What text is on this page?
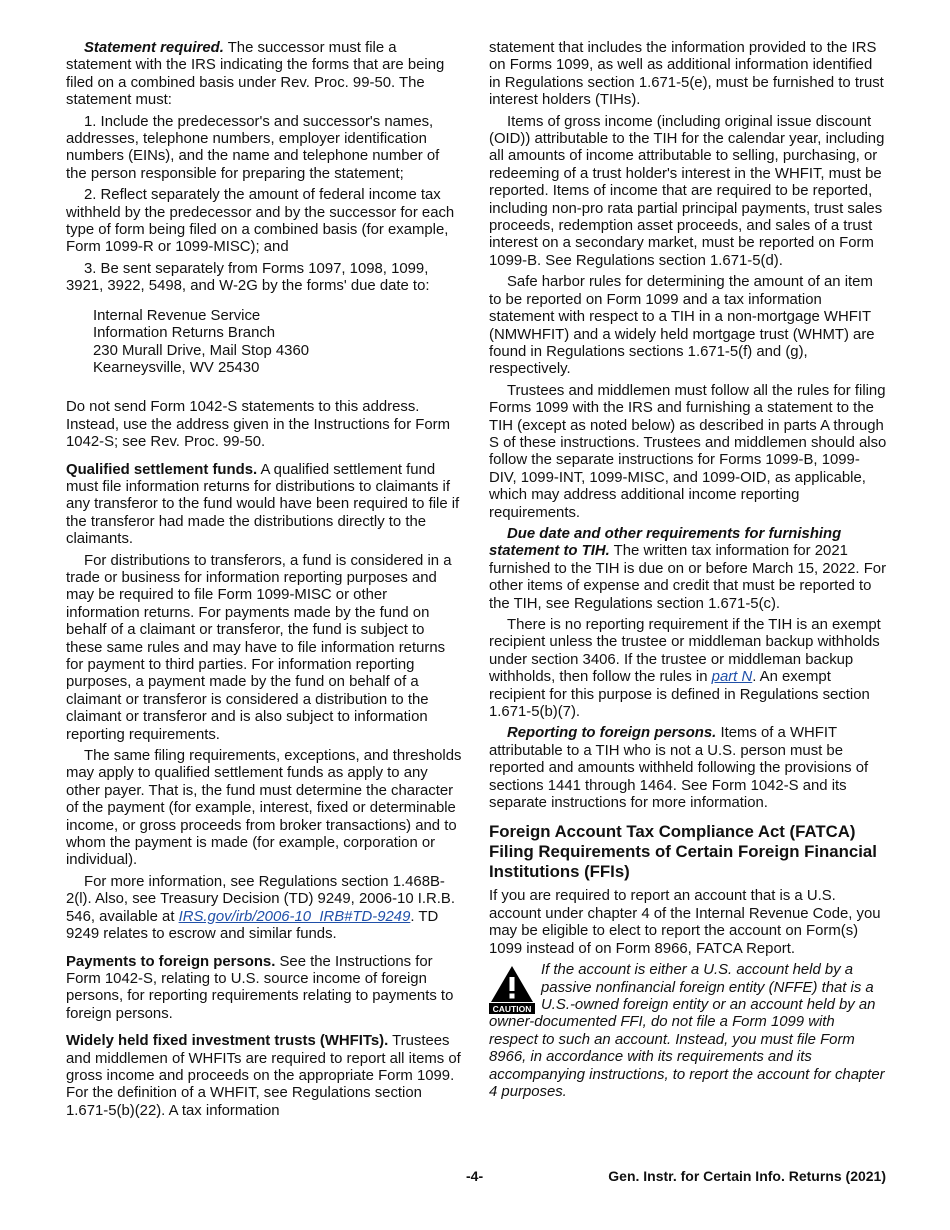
Statement required. The successor must file a statement with the IRS indicating the forms that are being filed on a combined basis under Rev. Proc. 99-50. The statement must:

1. Include the predecessor's and successor's names, addresses, telephone numbers, employer identification numbers (EINs), and the name and telephone number of the person responsible for preparing the statement;

2. Reflect separately the amount of federal income tax withheld by the predecessor and by the successor for each type of form being filed on a combined basis (for example, Form 1099-R or 1099-MISC); and

3. Be sent separately from Forms 1097, 1098, 1099, 3921, 3922, 5498, and W-2G by the forms' due date to:

Internal Revenue Service
Information Returns Branch
230 Murall Drive, Mail Stop 4360
Kearneysville, WV 25430

Do not send Form 1042-S statements to this address. Instead, use the address given in the Instructions for Form 1042-S; see Rev. Proc. 99-50.

Qualified settlement funds. A qualified settlement fund must file information returns for distributions to claimants if any transferor to the fund would have been required to file if the transferor had made the distributions directly to the claimants.

For distributions to transferors, a fund is considered in a trade or business for information reporting purposes and may be required to file Form 1099-MISC or other information returns. For payments made by the fund on behalf of a claimant or transferor, the fund is subject to these same rules and may have to file information returns for payment to third parties. For information reporting purposes, a payment made by the fund on behalf of a claimant or transferor is considered a distribution to the claimant or transferor and is also subject to information reporting requirements.

The same filing requirements, exceptions, and thresholds may apply to qualified settlement funds as apply to any other payer. That is, the fund must determine the character of the payment (for example, interest, fixed or determinable income, or gross proceeds from broker transactions) and to whom the payment is made (for example, corporation or individual).

For more information, see Regulations section 1.468B-2(l). Also, see Treasury Decision (TD) 9249, 2006-10 I.R.B. 546, available at IRS.gov/irb/2006-10_IRB#TD-9249. TD 9249 relates to escrow and similar funds.

Payments to foreign persons. See the Instructions for Form 1042-S, relating to U.S. source income of foreign persons, for reporting requirements relating to payments to foreign persons.

Widely held fixed investment trusts (WHFITs). Trustees and middlemen of WHFITs are required to report all items of gross income and proceeds on the appropriate Form 1099. For the definition of a WHFIT, see Regulations section 1.671-5(b)(22). A tax information

statement that includes the information provided to the IRS on Forms 1099, as well as additional information identified in Regulations section 1.671-5(e), must be furnished to trust interest holders (TIHs).

Items of gross income (including original issue discount (OID)) attributable to the TIH for the calendar year, including all amounts of income attributable to selling, purchasing, or redeeming of a trust holder's interest in the WHFIT, must be reported. Items of income that are required to be reported, including non-pro rata partial principal payments, trust sales proceeds, redemption asset proceeds, and sales of a trust interest on a secondary market, must be reported on Form 1099-B. See Regulations section 1.671-5(d).

Safe harbor rules for determining the amount of an item to be reported on Form 1099 and a tax information statement with respect to a TIH in a non-mortgage WHFIT (NMWHFIT) and a widely held mortgage trust (WHMT) are found in Regulations sections 1.671-5(f) and (g), respectively.

Trustees and middlemen must follow all the rules for filing Forms 1099 with the IRS and furnishing a statement to the TIH (except as noted below) as described in parts A through S of these instructions. Trustees and middlemen should also follow the separate instructions for Forms 1099-B, 1099-DIV, 1099-INT, 1099-MISC, and 1099-OID, as applicable, which may address additional income reporting requirements.

Due date and other requirements for furnishing statement to TIH. The written tax information for 2021 furnished to the TIH is due on or before March 15, 2022. For other items of expense and credit that must be reported to the TIH, see Regulations section 1.671-5(c).

There is no reporting requirement if the TIH is an exempt recipient unless the trustee or middleman backup withholds under section 3406. If the trustee or middleman backup withholds, then follow the rules in part N. An exempt recipient for this purpose is defined in Regulations section 1.671-5(b)(7).

Reporting to foreign persons. Items of a WHFIT attributable to a TIH who is not a U.S. person must be reported and amounts withheld following the provisions of sections 1441 through 1464. See Form 1042-S and its separate instructions for more information.

Foreign Account Tax Compliance Act (FATCA) Filing Requirements of Certain Foreign Financial Institutions (FFIs)

If you are required to report an account that is a U.S. account under chapter 4 of the Internal Revenue Code, you may be eligible to elect to report the account on Form(s) 1099 instead of on Form 8966, FATCA Report.

CAUTION
If the account is either a U.S. account held by a passive nonfinancial foreign entity (NFFE) that is a U.S.-owned foreign entity or an account held by an owner-documented FFI, do not file a Form 1099 with respect to such an account. Instead, you must file Form 8966, in accordance with its requirements and its accompanying instructions, to report the account for chapter 4 purposes.
-4-	Gen. Instr. for Certain Info. Returns (2021)
